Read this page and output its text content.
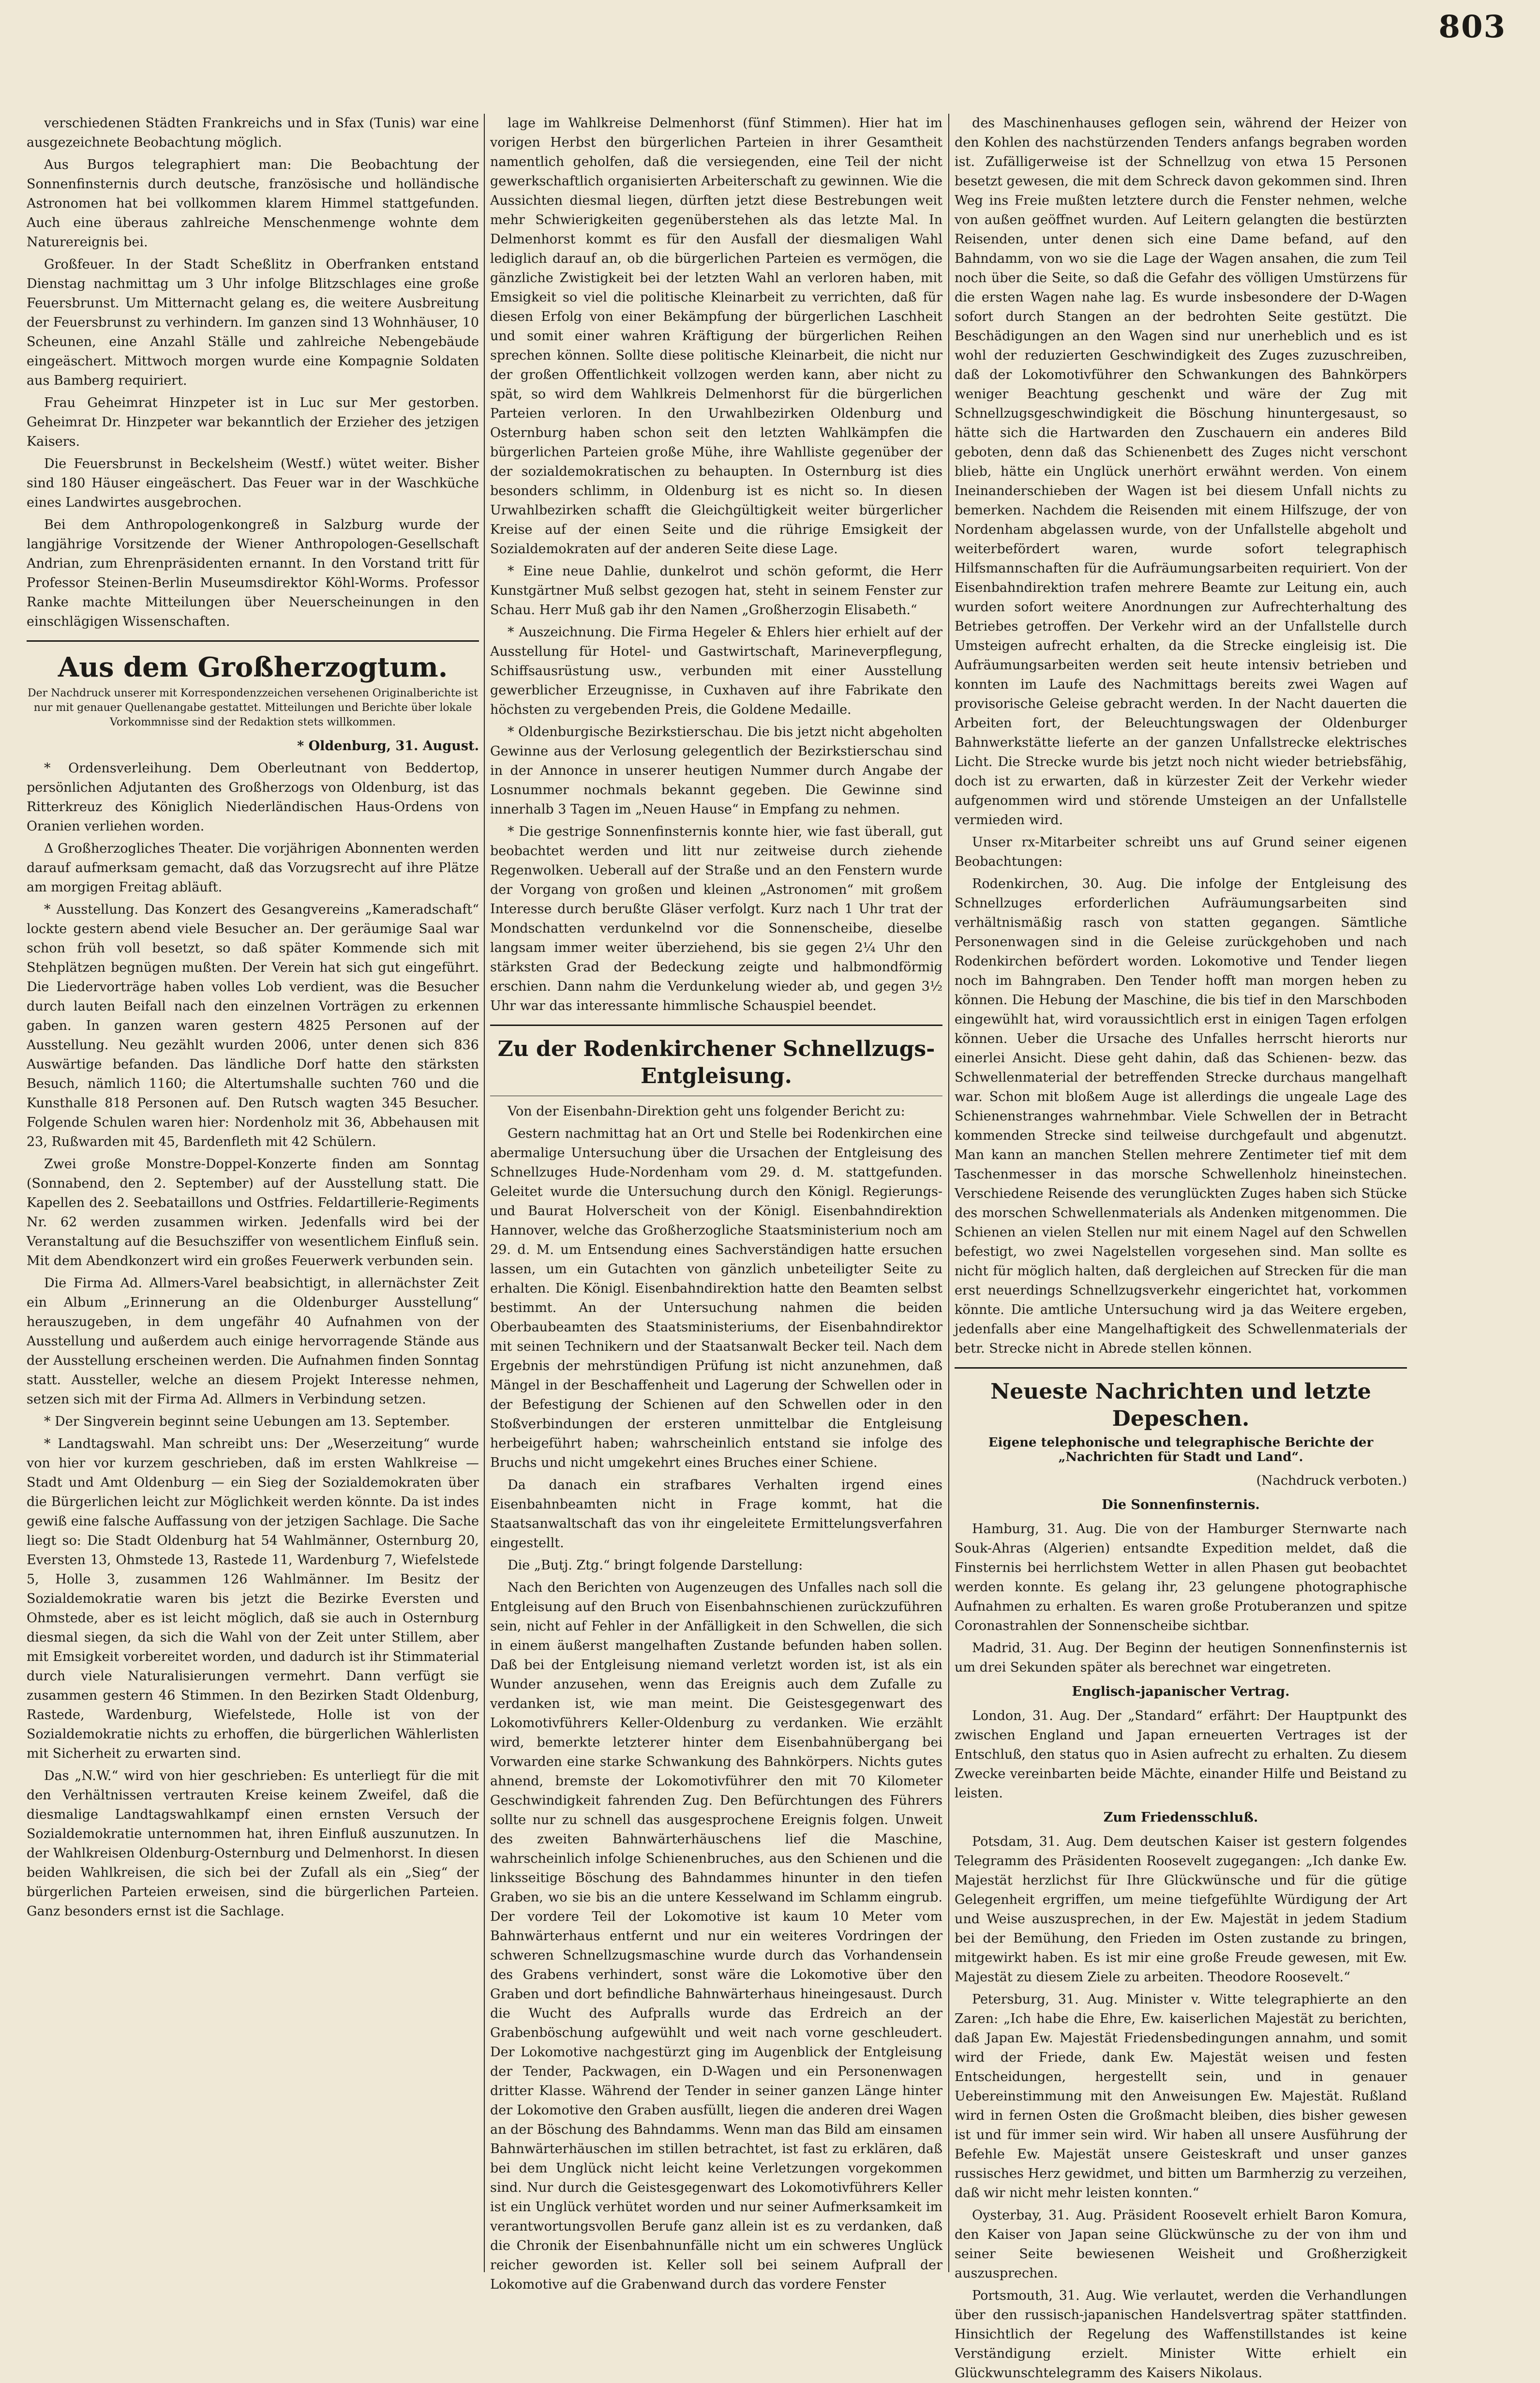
803

verschiedenen Städten Frankreichs und in Sfax (Tunis) war eine ausgezeichnete Beobachtung möglich.

Aus Burgos telegraphiert man: Die Beobachtung der Sonnenfinsternis durch deutsche, französische und holländische Astronomen hat bei vollkommen klarem Himmel stattgefunden. Auch eine überaus zahlreiche Menschenmenge wohnte dem Naturereignis bei.

Großfeuer. In der Stadt Scheßlitz in Oberfranken entstand Dienstag nachmittag um 3 Uhr infolge Blitzschlages eine große Feuersbrunst. Um Mitternacht gelang es, die weitere Ausbreitung der Feuersbrunst zu verhindern. Im ganzen sind 13 Wohnhäuser, 10 Scheunen, eine Anzahl Ställe und zahlreiche Nebengebäude eingeäschert. Mittwoch morgen wurde eine Kompagnie Soldaten aus Bamberg requiriert.

Frau Geheimrat Hinzpeter ist in Luc sur Mer gestorben. Geheimrat Dr. Hinzpeter war bekanntlich der Erzieher des jetzigen Kaisers.

Die Feuersbrunst in Beckelsheim (Westf.) wütet weiter. Bisher sind 180 Häuser eingeäschert. Das Feuer war in der Waschküche eines Landwirtes ausgebrochen.

Bei dem Anthropologenkongreß in Salzburg wurde der langjährige Vorsitzende der Wiener Anthropologen-Gesellschaft Andrian, zum Ehrenpräsidenten ernannt. In den Vorstand tritt für Professor Steinen-Berlin Museumsdirektor Köhl-Worms. Professor Ranke machte Mitteilungen über Neuerscheinungen in den einschlägigen Wissenschaften.

Aus dem Großherzogtum.
Der Nachdruck unserer mit Korrespondenzzeichen versehenen Originalberichte ist nur mit genauer Quellenangabe gestattet. Mitteilungen und Berichte über lokale Vorkommnisse sind der Redaktion stets willkommen.
* Oldenburg, 31. August.

* Ordensverleihung. Dem Oberleutnant von Beddertop, persönlichen Adjutanten des Großherzogs von Oldenburg, ist das Ritterkreuz des Königlich Niederländischen Haus-Ordens von Oranien verliehen worden.

Δ Großherzogliches Theater. Die vorjährigen Abonnenten werden darauf aufmerksam gemacht, daß das Vorzugsrecht auf ihre Plätze am morgigen Freitag abläuft.

* Ausstellung. Das Konzert des Gesangvereins „Kameradschaft“ lockte gestern abend viele Besucher an. Der geräumige Saal war schon früh voll besetzt, so daß später Kommende sich mit Stehplätzen begnügen mußten. Der Verein hat sich gut eingeführt. Die Liedervorträge haben volles Lob verdient, was die Besucher durch lauten Beifall nach den einzelnen Vorträgen zu erkennen gaben. In ganzen waren gestern 4825 Personen auf der Ausstellung. Neu gezählt wurden 2006, unter denen sich 836 Auswärtige befanden. Das ländliche Dorf hatte den stärksten Besuch, nämlich 1160; die Altertumshalle suchten 760 und die Kunsthalle 818 Personen auf. Den Rutsch wagten 345 Besucher. Folgende Schulen waren hier: Nordenholz mit 36, Abbehausen mit 23, Rußwarden mit 45, Bardenfleth mit 42 Schülern.

Zwei große Monstre-Doppel-Konzerte finden am Sonntag (Sonnabend, den 2. September) auf der Ausstellung statt. Die Kapellen des 2. Seebataillons und Ostfries. Feldartillerie-Regiments Nr. 62 werden zusammen wirken. Jedenfalls wird bei der Veranstaltung auf die Besuchsziffer von wesentlichem Einfluß sein. Mit dem Abendkonzert wird ein großes Feuerwerk verbunden sein.

Die Firma Ad. Allmers-Varel beabsichtigt, in allernächster Zeit ein Album „Erinnerung an die Oldenburger Ausstellung“ herauszugeben, in dem ungefähr 40 Aufnahmen von der Ausstellung und außerdem auch einige hervorragende Stände aus der Ausstellung erscheinen werden. Die Aufnahmen finden Sonntag statt. Aussteller, welche an diesem Projekt Interesse nehmen, setzen sich mit der Firma Ad. Allmers in Verbindung setzen.

* Der Singverein beginnt seine Uebungen am 13. September.

* Landtagswahl. Man schreibt uns: Der „Weserzeitung“ wurde von hier vor kurzem geschrieben, daß im ersten Wahlkreise — Stadt und Amt Oldenburg — ein Sieg der Sozialdemokraten über die Bürgerlichen leicht zur Möglichkeit werden könnte. Da ist indes gewiß eine falsche Auffassung von der jetzigen Sachlage. Die Sache liegt so: Die Stadt Oldenburg hat 54 Wahlmänner, Osternburg 20, Eversten 13, Ohmstede 13, Rastede 11, Wardenburg 7, Wiefelstede 5, Holle 3, zusammen 126 Wahlmänner. Im Besitz der Sozialdemokratie waren bis jetzt die Bezirke Eversten und Ohmstede, aber es ist leicht möglich, daß sie auch in Osternburg diesmal siegen, da sich die Wahl von der Zeit unter Stillem, aber mit Emsigkeit vorbereitet worden, und dadurch ist ihr Stimmaterial durch viele Naturalisierungen vermehrt. Dann verfügt sie zusammen gestern 46 Stimmen. In den Bezirken Stadt Oldenburg, Rastede, Wardenburg, Wiefelstede, Holle ist von der Sozialdemokratie nichts zu erhoffen, die bürgerlichen Wählerlisten mit Sicherheit zu erwarten sind.

Das „N.W.“ wird von hier geschrieben: Es unterliegt für die mit den Verhältnissen vertrauten Kreise keinem Zweifel, daß die diesmalige Landtagswahlkampf einen ernsten Versuch der Sozialdemokratie unternommen hat, ihren Einfluß auszunutzen. In der Wahlkreisen Oldenburg-Osternburg und Delmenhorst. In diesen beiden Wahlkreisen, die sich bei der Zufall als ein „Sieg“ der bürgerlichen Parteien erweisen, sind die bürgerlichen Parteien. Ganz besonders ernst ist die Sachlage.

lage im Wahlkreise Delmenhorst (fünf Stimmen). Hier hat im vorigen Herbst den bürgerlichen Parteien in ihrer Gesamtheit namentlich geholfen, daß die versiegenden, eine Teil der nicht gewerkschaftlich organisierten Arbeiterschaft zu gewinnen. Wie die Aussichten diesmal liegen, dürften jetzt diese Bestrebungen weit mehr Schwierigkeiten gegenüberstehen als das letzte Mal. In Delmenhorst kommt es für den Ausfall der diesmaligen Wahl lediglich darauf an, ob die bürgerlichen Parteien es vermögen, die gänzliche Zwistigkeit bei der letzten Wahl an verloren haben, mit Emsigkeit so viel die politische Kleinarbeit zu verrichten, daß für diesen Erfolg von einer Bekämpfung der bürgerlichen Laschheit und somit einer wahren Kräftigung der bürgerlichen Reihen sprechen können. Sollte diese politische Kleinarbeit, die nicht nur der großen Offentlichkeit vollzogen werden kann, aber nicht zu spät, so wird dem Wahlkreis Delmenhorst für die bürgerlichen Parteien verloren. In den Urwahlbezirken Oldenburg und Osternburg haben schon seit den letzten Wahlkämpfen die bürgerlichen Parteien große Mühe, ihre Wahlliste gegenüber der der sozialdemokratischen zu behaupten. In Osternburg ist dies besonders schlimm, in Oldenburg ist es nicht so. In diesen Urwahlbezirken schafft die Gleichgültigkeit weiter bürgerlicher Kreise auf der einen Seite und die rührige Emsigkeit der Sozialdemokraten auf der anderen Seite diese Lage.

* Eine neue Dahlie, dunkelrot und schön geformt, die Herr Kunstgärtner Muß selbst gezogen hat, steht in seinem Fenster zur Schau. Herr Muß gab ihr den Namen „Großherzogin Elisabeth.“

* Auszeichnung. Die Firma Hegeler & Ehlers hier erhielt auf der Ausstellung für Hotel- und Gastwirtschaft, Marineverpflegung, Schiffsausrüstung usw., verbunden mit einer Ausstellung gewerblicher Erzeugnisse, in Cuxhaven auf ihre Fabrikate den höchsten zu vergebenden Preis, die Goldene Medaille.

* Oldenburgische Bezirkstierschau. Die bis jetzt nicht abgeholten Gewinne aus der Verlosung gelegentlich der Bezirkstierschau sind in der Annonce in unserer heutigen Nummer durch Angabe der Losnummer nochmals bekannt gegeben. Die Gewinne sind innerhalb 3 Tagen im „Neuen Hause“ in Empfang zu nehmen.

* Die gestrige Sonnenfinsternis konnte hier, wie fast überall, gut beobachtet werden und litt nur zeitweise durch ziehende Regenwolken. Ueberall auf der Straße und an den Fenstern wurde der Vorgang von großen und kleinen „Astronomen“ mit großem Interesse durch berußte Gläser verfolgt. Kurz nach 1 Uhr trat der Mondschatten verdunkelnd vor die Sonnenscheibe, dieselbe langsam immer weiter überziehend, bis sie gegen 2¼ Uhr den stärksten Grad der Bedeckung zeigte und halbmondförmig erschien. Dann nahm die Verdunkelung wieder ab, und gegen 3½ Uhr war das interessante himmlische Schauspiel beendet.

Zu der Rodenkirchener Schnellzugs-Entgleisung.

Von der Eisenbahn-Direktion geht uns folgender Bericht zu:

Gestern nachmittag hat an Ort und Stelle bei Rodenkirchen eine abermalige Untersuchung über die Ursachen der Entgleisung des Schnellzuges Hude-Nordenham vom 29. d. M. stattgefunden. Geleitet wurde die Untersuchung durch den Königl. Regierungs- und Baurat Holverscheit von der Königl. Eisenbahndirektion Hannover, welche das Großherzogliche Staatsministerium noch am 29. d. M. um Entsendung eines Sachverständigen hatte ersuchen lassen, um ein Gutachten von gänzlich unbeteiligter Seite zu erhalten. Die Königl. Eisenbahndirektion hatte den Beamten selbst bestimmt. An der Untersuchung nahmen die beiden Oberbaubeamten des Staatsministeriums, der Eisenbahndirektor mit seinen Technikern und der Staatsanwalt Becker teil. Nach dem Ergebnis der mehrstündigen Prüfung ist nicht anzunehmen, daß Mängel in der Beschaffenheit und Lagerung der Schwellen oder in der Befestigung der Schienen auf den Schwellen oder in den Stoßverbindungen der ersteren unmittelbar die Entgleisung herbeigeführt haben; wahrscheinlich entstand sie infolge des Bruchs und nicht umgekehrt eines Bruches einer Schiene.

Da danach ein strafbares Verhalten irgend eines Eisenbahnbeamten nicht in Frage kommt, hat die Staatsanwaltschaft das von ihr eingeleitete Ermittelungsverfahren eingestellt.

Die „Butj. Ztg.“ bringt folgende Darstellung:

Nach den Berichten von Augenzeugen des Unfalles nach soll die Entgleisung auf den Bruch von Eisenbahnschienen zurückzuführen sein, nicht auf Fehler in der Anfälligkeit in den Schwellen, die sich in einem äußerst mangelhaften Zustande befunden haben sollen. Daß bei der Entgleisung niemand verletzt worden ist, ist als ein Wunder anzusehen, wenn das Ereignis auch dem Zufalle zu verdanken ist, wie man meint. Die Geistesgegenwart des Lokomotivführers Keller-Oldenburg zu verdanken. Wie erzählt wird, bemerkte letzterer hinter dem Eisenbahnübergang bei Vorwarden eine starke Schwankung des Bahnkörpers. Nichts gutes ahnend, bremste der Lokomotivführer den mit 70 Kilometer Geschwindigkeit fahrenden Zug. Den Befürchtungen des Führers sollte nur zu schnell das ausgesprochene Ereignis folgen. Unweit des zweiten Bahnwärterhäuschens lief die Maschine, wahrscheinlich infolge Schienenbruches, aus den Schienen und die linksseitige Böschung des Bahndammes hinunter in den tiefen Graben, wo sie bis an die untere Kesselwand im Schlamm eingrub. Der vordere Teil der Lokomotive ist kaum 10 Meter vom Bahnwärterhaus entfernt und nur ein weiteres Vordringen der schweren Schnellzugsmaschine wurde durch das Vorhandensein des Grabens verhindert, sonst wäre die Lokomotive über den Graben und dort befindliche Bahnwärterhaus hineingesaust. Durch die Wucht des Aufpralls wurde das Erdreich an der Grabenböschung aufgewühlt und weit nach vorne geschleudert. Der Lokomotive nachgestürzt ging im Augenblick der Entgleisung der Tender, Packwagen, ein D-Wagen und ein Personenwagen dritter Klasse. Während der Tender in seiner ganzen Länge hinter der Lokomotive den Graben ausfüllt, liegen die anderen drei Wagen an der Böschung des Bahndamms. Wenn man das Bild am einsamen Bahnwärterhäuschen im stillen betrachtet, ist fast zu erklären, daß bei dem Unglück nicht leicht keine Verletzungen vorgekommen sind. Nur durch die Geistesgegenwart des Lokomotivführers Keller ist ein Unglück verhütet worden und nur seiner Aufmerksamkeit im verantwortungsvollen Berufe ganz allein ist es zu verdanken, daß die Chronik der Eisenbahnunfälle nicht um ein schweres Unglück reicher geworden ist. Keller soll bei seinem Aufprall der Lokomotive auf die Grabenwand durch das vordere Fenster

des Maschinenhauses geflogen sein, während der Heizer von den Kohlen des nachstürzenden Tenders anfangs begraben worden ist. Zufälligerweise ist der Schnellzug von etwa 15 Personen besetzt gewesen, die mit dem Schreck davon gekommen sind. Ihren Weg ins Freie mußten letztere durch die Fenster nehmen, welche von außen geöffnet wurden. Auf Leitern gelangten die bestürzten Reisenden, unter denen sich eine Dame befand, auf den Bahndamm, von wo sie die Lage der Wagen ansahen, die zum Teil noch über die Seite, so daß die Gefahr des völligen Umstürzens für die ersten Wagen nahe lag. Es wurde insbesondere der D-Wagen sofort durch Stangen an der bedrohten Seite gestützt. Die Beschädigungen an den Wagen sind nur unerheblich und es ist wohl der reduzierten Geschwindigkeit des Zuges zuzuschreiben, daß der Lokomotivführer den Schwankungen des Bahnkörpers weniger Beachtung geschenkt und wäre der Zug mit Schnellzugsgeschwindigkeit die Böschung hinuntergesaust, so hätte sich die Hartwarden den Zuschauern ein anderes Bild geboten, denn daß das Schienenbett des Zuges nicht verschont blieb, hätte ein Unglück unerhört erwähnt werden. Von einem Ineinanderschieben der Wagen ist bei diesem Unfall nichts zu bemerken. Nachdem die Reisenden mit einem Hilfszuge, der von Nordenham abgelassen wurde, von der Unfallstelle abgeholt und weiterbefördert waren, wurde sofort telegraphisch Hilfsmannschaften für die Aufräumungsarbeiten requiriert. Von der Eisenbahndirektion trafen mehrere Beamte zur Leitung ein, auch wurden sofort weitere Anordnungen zur Aufrechterhaltung des Betriebes getroffen. Der Verkehr wird an der Unfallstelle durch Umsteigen aufrecht erhalten, da die Strecke eingleisig ist. Die Aufräumungsarbeiten werden seit heute intensiv betrieben und konnten im Laufe des Nachmittags bereits zwei Wagen auf provisorische Geleise gebracht werden. In der Nacht dauerten die Arbeiten fort, der Beleuchtungswagen der Oldenburger Bahnwerkstätte lieferte an der ganzen Unfallstrecke elektrisches Licht. Die Strecke wurde bis jetzt noch nicht wieder betriebsfähig, doch ist zu erwarten, daß in kürzester Zeit der Verkehr wieder aufgenommen wird und störende Umsteigen an der Unfallstelle vermieden wird.

Unser rx-Mitarbeiter schreibt uns auf Grund seiner eigenen Beobachtungen:

Rodenkirchen, 30. Aug. Die infolge der Entgleisung des Schnellzuges erforderlichen Aufräumungsarbeiten sind verhältnismäßig rasch von statten gegangen. Sämtliche Personenwagen sind in die Geleise zurückgehoben und nach Rodenkirchen befördert worden. Lokomotive und Tender liegen noch im Bahngraben. Den Tender hofft man morgen heben zu können. Die Hebung der Maschine, die bis tief in den Marschboden eingewühlt hat, wird voraussichtlich erst in einigen Tagen erfolgen können. Ueber die Ursache des Unfalles herrscht hierorts nur einerlei Ansicht. Diese geht dahin, daß das Schienen- bezw. das Schwellenmaterial der betreffenden Strecke durchaus mangelhaft war. Schon mit bloßem Auge ist allerdings die ungeale Lage des Schienenstranges wahrnehmbar. Viele Schwellen der in Betracht kommenden Strecke sind teilweise durchgefault und abgenutzt. Man kann an manchen Stellen mehrere Zentimeter tief mit dem Taschenmesser in das morsche Schwellenholz hineinstechen. Verschiedene Reisende des verunglückten Zuges haben sich Stücke des morschen Schwellenmaterials als Andenken mitgenommen. Die Schienen an vielen Stellen nur mit einem Nagel auf den Schwellen befestigt, wo zwei Nagelstellen vorgesehen sind. Man sollte es nicht für möglich halten, daß dergleichen auf Strecken für die man erst neuerdings Schnellzugsverkehr eingerichtet hat, vorkommen könnte. Die amtliche Untersuchung wird ja das Weitere ergeben, jedenfalls aber eine Mangelhaftigkeit des Schwellenmaterials der betr. Strecke nicht in Abrede stellen können.

Neueste Nachrichten und letzte Depeschen.
Eigene telephonische und telegraphische Berichte der „Nachrichten für Stadt und Land“.

(Nachdruck verboten.)

Die Sonnenfinsternis.

Hamburg, 31. Aug. Die von der Hamburger Sternwarte nach Souk-Ahras (Algerien) entsandte Expedition meldet, daß die Finsternis bei herrlichstem Wetter in allen Phasen gut beobachtet werden konnte. Es gelang ihr, 23 gelungene photographische Aufnahmen zu erhalten. Es waren große Protuberanzen und spitze Coronastrahlen der Sonnenscheibe sichtbar.

Madrid, 31. Aug. Der Beginn der heutigen Sonnenfinsternis ist um drei Sekunden später als berechnet war eingetreten.

Englisch-japanischer Vertrag.

London, 31. Aug. Der „Standard“ erfährt: Der Hauptpunkt des zwischen England und Japan erneuerten Vertrages ist der Entschluß, den status quo in Asien aufrecht zu erhalten. Zu diesem Zwecke vereinbarten beide Mächte, einander Hilfe und Beistand zu leisten.

Zum Friedensschluß.

Potsdam, 31. Aug. Dem deutschen Kaiser ist gestern folgendes Telegramm des Präsidenten Roosevelt zugegangen: „Ich danke Ew. Majestät herzlichst für Ihre Glückwünsche und für die gütige Gelegenheit ergriffen, um meine tiefgefühlte Würdigung der Art und Weise auszusprechen, in der Ew. Majestät in jedem Stadium bei der Bemühung, den Frieden im Osten zustande zu bringen, mitgewirkt haben. Es ist mir eine große Freude gewesen, mit Ew. Majestät zu diesem Ziele zu arbeiten. Theodore Roosevelt.“

Petersburg, 31. Aug. Minister v. Witte telegraphierte an den Zaren: „Ich habe die Ehre, Ew. kaiserlichen Majestät zu berichten, daß Japan Ew. Majestät Friedensbedingungen annahm, und somit wird der Friede, dank Ew. Majestät weisen und festen Entscheidungen, hergestellt sein, und in genauer Uebereinstimmung mit den Anweisungen Ew. Majestät. Rußland wird in fernen Osten die Großmacht bleiben, dies bisher gewesen ist und für immer sein wird. Wir haben all unsere Ausführung der Befehle Ew. Majestät unsere Geisteskraft und unser ganzes russisches Herz gewidmet, und bitten um Barmherzig zu verzeihen, daß wir nicht mehr leisten konnten.“

Oysterbay, 31. Aug. Präsident Roosevelt erhielt Baron Komura, den Kaiser von Japan seine Glückwünsche zu der von ihm und seiner Seite bewiesenen Weisheit und Großherzigkeit auszusprechen.

Portsmouth, 31. Aug. Wie verlautet, werden die Verhandlungen über den russisch-japanischen Handelsvertrag später stattfinden. Hinsichtlich der Regelung des Waffenstillstandes ist keine Verständigung erzielt. Minister Witte erhielt ein Glückwunschtelegramm des Kaisers Nikolaus.
